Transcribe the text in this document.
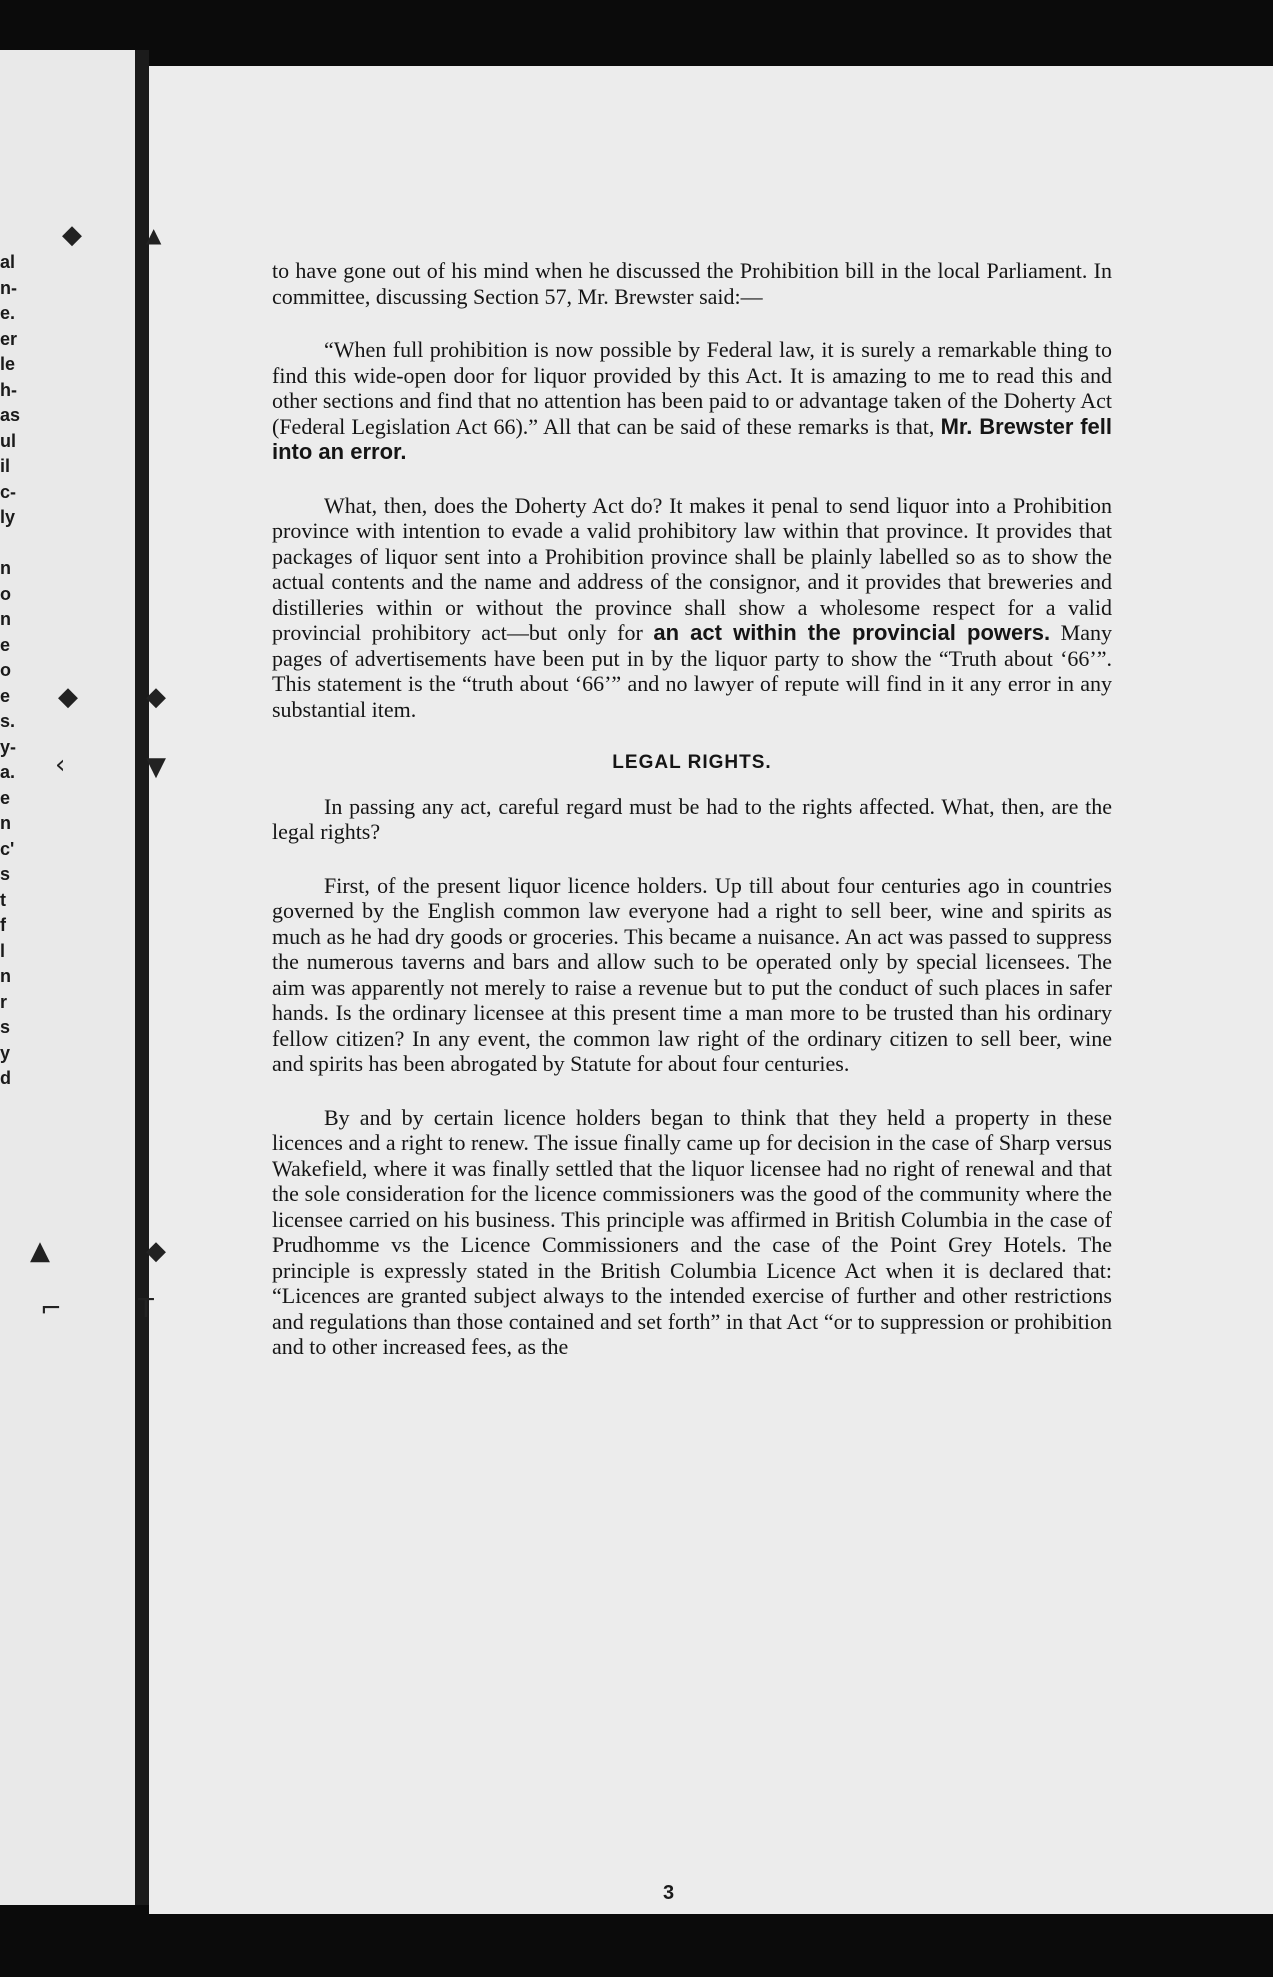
al
n-
e.
er
le
h-
as
ul
il
c-
ly
n
o
n
e
o
e
s.
y-
a.
e
n
c'
s
t
f
l
n
r
s
y
d
◆	▲
◆	◆
‹	▼
▲	◆
⌐	T

to have gone out of his mind when he discussed the Prohibition bill in the local Parliament. In committee, discussing Section 57, Mr. Brewster said:—

“When full prohibition is now possible by Federal law, it is surely a remarkable thing to find this wide-open door for liquor provided by this Act. It is amazing to me to read this and other sections and find that no attention has been paid to or advantage taken of the Doherty Act (Federal Legislation Act 66).” All that can be said of these remarks is that, Mr. Brewster fell into an error.

What, then, does the Doherty Act do? It makes it penal to send liquor into a Prohibition province with intention to evade a valid prohibitory law within that province. It provides that packages of liquor sent into a Prohibition province shall be plainly labelled so as to show the actual contents and the name and address of the consignor, and it provides that breweries and distilleries within or without the province shall show a wholesome respect for a valid provincial prohibitory act—but only for an act within the provincial powers. Many pages of advertisements have been put in by the liquor party to show the “Truth about ‘66’”. This statement is the “truth about ‘66’” and no lawyer of repute will find in it any error in any substantial item.

LEGAL RIGHTS.

In passing any act, careful regard must be had to the rights affected. What, then, are the legal rights?

First, of the present liquor licence holders. Up till about four centuries ago in countries governed by the English common law everyone had a right to sell beer, wine and spirits as much as he had dry goods or groceries. This became a nuisance. An act was passed to suppress the numerous taverns and bars and allow such to be operated only by special licensees. The aim was apparently not merely to raise a revenue but to put the conduct of such places in safer hands. Is the ordinary licensee at this present time a man more to be trusted than his ordinary fellow citizen? In any event, the common law right of the ordinary citizen to sell beer, wine and spirits has been abrogated by Statute for about four centuries.

By and by certain licence holders began to think that they held a property in these licences and a right to renew. The issue finally came up for decision in the case of Sharp versus Wakefield, where it was finally settled that the liquor licensee had no right of renewal and that the sole consideration for the licence commissioners was the good of the community where the licensee carried on his business. This principle was affirmed in British Columbia in the case of Prudhomme vs the Licence Commissioners and the case of the Point Grey Hotels. The principle is expressly stated in the British Columbia Licence Act when it is declared that: “Licences are granted subject always to the intended exercise of further and other restrictions and regulations than those contained and set forth” in that Act “or to suppression or prohibition and to other increased fees, as the

3
